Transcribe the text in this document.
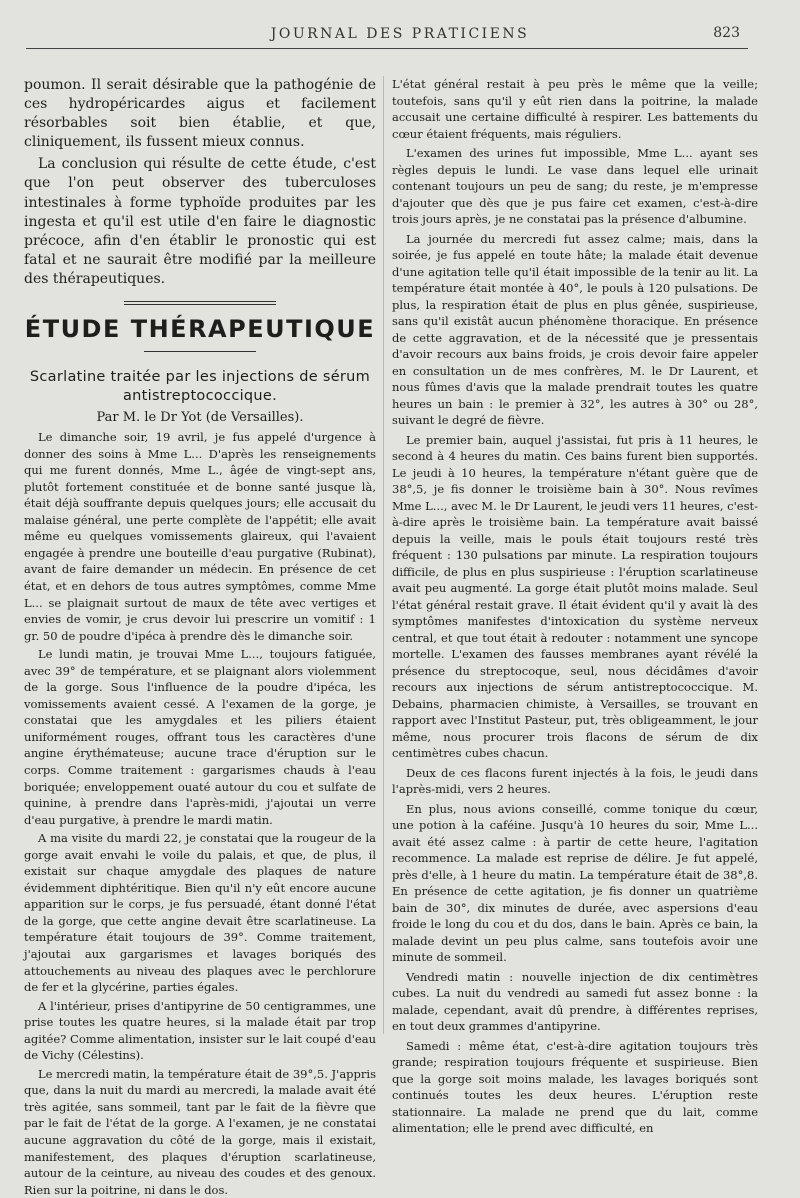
JOURNAL DES PRATICIENS	823

poumon. Il serait désirable que la pathogénie de ces hydropéricardes aigus et facilement résorbables soit bien établie, et que, cliniquement, ils fussent mieux connus.

La conclusion qui résulte de cette étude, c'est que l'on peut observer des tuberculoses intestinales à forme typhoïde produites par les ingesta et qu'il est utile d'en faire le diagnostic précoce, afin d'en établir le pronostic qui est fatal et ne saurait être modifié par la meilleure des thérapeutiques.

ÉTUDE THÉRAPEUTIQUE
Scarlatine traitée par les injections de sérum antistreptococcique.
Par M. le Dr Yot (de Versailles).

Le dimanche soir, 19 avril, je fus appelé d'urgence à donner des soins à Mme L... D'après les renseignements qui me furent donnés, Mme L., âgée de vingt-sept ans, plutôt fortement constituée et de bonne santé jusque là, était déjà souffrante depuis quelques jours; elle accusait du malaise général, une perte complète de l'appétit; elle avait même eu quelques vomissements glaireux, qui l'avaient engagée à prendre une bouteille d'eau purgative (Rubinat), avant de faire demander un médecin. En présence de cet état, et en dehors de tous autres symptômes, comme Mme L... se plaignait surtout de maux de tête avec vertiges et envies de vomir, je crus devoir lui prescrire un vomitif : 1 gr. 50 de poudre d'ipéca à prendre dès le dimanche soir.

Le lundi matin, je trouvai Mme L..., toujours fatiguée, avec 39° de température, et se plaignant alors violemment de la gorge. Sous l'influence de la poudre d'ipéca, les vomissements avaient cessé. A l'examen de la gorge, je constatai que les amygdales et les piliers étaient uniformément rouges, offrant tous les caractères d'une angine érythémateuse; aucune trace d'éruption sur le corps. Comme traitement : gargarismes chauds à l'eau boriquée; enveloppement ouaté autour du cou et sulfate de quinine, à prendre dans l'après-midi, j'ajoutai un verre d'eau purgative, à prendre le mardi matin.

A ma visite du mardi 22, je constatai que la rougeur de la gorge avait envahi le voile du palais, et que, de plus, il existait sur chaque amygdale des plaques de nature évidemment diphtéritique. Bien qu'il n'y eût encore aucune apparition sur le corps, je fus persuadé, étant donné l'état de la gorge, que cette angine devait être scarlatineuse. La température était toujours de 39°. Comme traitement, j'ajoutai aux gargarismes et lavages boriqués des attouchements au niveau des plaques avec le perchlorure de fer et la glycérine, parties égales.

A l'intérieur, prises d'antipyrine de 50 centigrammes, une prise toutes les quatre heures, si la malade était par trop agitée? Comme alimentation, insister sur le lait coupé d'eau de Vichy (Célestins).

Le mercredi matin, la température était de 39°,5. J'appris que, dans la nuit du mardi au mercredi, la malade avait été très agitée, sans sommeil, tant par le fait de la fièvre que par le fait de l'état de la gorge. A l'examen, je ne constatai aucune aggravation du côté de la gorge, mais il existait, manifestement, des plaques d'éruption scarlatineuse, autour de la ceinture, au niveau des coudes et des genoux. Rien sur la poitrine, ni dans le dos.

L'état général restait à peu près le même que la veille; toutefois, sans qu'il y eût rien dans la poitrine, la malade accusait une certaine difficulté à respirer. Les battements du cœur étaient fréquents, mais réguliers.

L'examen des urines fut impossible, Mme L... ayant ses règles depuis le lundi. Le vase dans lequel elle urinait contenant toujours un peu de sang; du reste, je m'empresse d'ajouter que dès que je pus faire cet examen, c'est-à-dire trois jours après, je ne constatai pas la présence d'albumine.

La journée du mercredi fut assez calme; mais, dans la soirée, je fus appelé en toute hâte; la malade était devenue d'une agitation telle qu'il était impossible de la tenir au lit. La température était montée à 40°, le pouls à 120 pulsations. De plus, la respiration était de plus en plus gênée, suspirieuse, sans qu'il existât aucun phénomène thoracique. En présence de cette aggravation, et de la nécessité que je pressentais d'avoir recours aux bains froids, je crois devoir faire appeler en consultation un de mes confrères, M. le Dr Laurent, et nous fûmes d'avis que la malade prendrait toutes les quatre heures un bain : le premier à 32°, les autres à 30° ou 28°, suivant le degré de fièvre.

Le premier bain, auquel j'assistai, fut pris à 11 heures, le second à 4 heures du matin. Ces bains furent bien supportés. Le jeudi à 10 heures, la température n'étant guère que de 38°,5, je fis donner le troisième bain à 30°. Nous revîmes Mme L..., avec M. le Dr Laurent, le jeudi vers 11 heures, c'est-à-dire après le troisième bain. La température avait baissé depuis la veille, mais le pouls était toujours resté très fréquent : 130 pulsations par minute. La respiration toujours difficile, de plus en plus suspirieuse : l'éruption scarlatineuse avait peu augmenté. La gorge était plutôt moins malade. Seul l'état général restait grave. Il était évident qu'il y avait là des symptômes manifestes d'intoxication du système nerveux central, et que tout était à redouter : notamment une syncope mortelle. L'examen des fausses membranes ayant révélé la présence du streptocoque, seul, nous décidâmes d'avoir recours aux injections de sérum antistreptococcique. M. Debains, pharmacien chimiste, à Versailles, se trouvant en rapport avec l'Institut Pasteur, put, très obligeamment, le jour même, nous procurer trois flacons de sérum de dix centimètres cubes chacun.

Deux de ces flacons furent injectés à la fois, le jeudi dans l'après-midi, vers 2 heures.

En plus, nous avions conseillé, comme tonique du cœur, une potion à la caféine. Jusqu'à 10 heures du soir, Mme L... avait été assez calme : à partir de cette heure, l'agitation recommence. La malade est reprise de délire. Je fut appelé, près d'elle, à 1 heure du matin. La température était de 38°,8. En présence de cette agitation, je fis donner un quatrième bain de 30°, dix minutes de durée, avec aspersions d'eau froide le long du cou et du dos, dans le bain. Après ce bain, la malade devint un peu plus calme, sans toutefois avoir une minute de sommeil.

Vendredi matin : nouvelle injection de dix centimètres cubes. La nuit du vendredi au samedi fut assez bonne : la malade, cependant, avait dû prendre, à différentes reprises, en tout deux grammes d'antipyrine.

Samedi : même état, c'est-à-dire agitation toujours très grande; respiration toujours fréquente et suspirieuse. Bien que la gorge soit moins malade, les lavages boriqués sont continués toutes les deux heures. L'éruption reste stationnaire. La malade ne prend que du lait, comme alimentation; elle le prend avec difficulté, en
